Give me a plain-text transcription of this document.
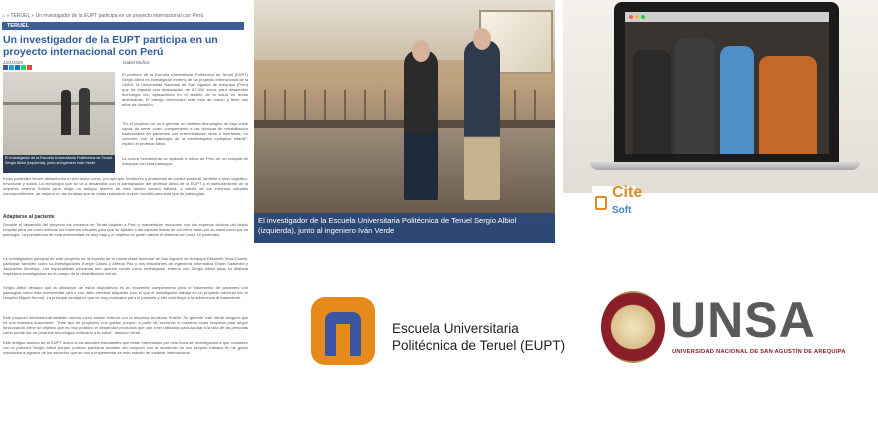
⌂ » TERUEL » Un investigador de la EUPT participa en un proyecto internacional con Perú
TERUEL
Un investigador de la EUPT participa en un proyecto internacional con Perú
22/1/2020	Isabel Muñoz
El investigador de la Escuela Universitaria Politécnica de Teruel Sergio Albiol (izquierda), junto al ingeniero Iván Verde
El profesor de la Escuela Universitaria Politécnica de Teruel (EUPT) Sergio Albiol es investigador externo de un proyecto internacional de la UNSA, la Universidad Nacional de San Agustín de Arequipa (Perú) que ha logrado una financiación de 67.000 euros para desarrollar tecnología con aplicaciones en el ámbito de la salud en áreas americanas. El trabajo comenzará este mes de marzo y tiene dos años de duración.
"En el proyecto se va a generar un sistema tecnológico de bajo coste capaz de servir como complemento a las técnicas de rehabilitación tradicionales en pacientes con enfermedades raras o huérfanas, en concreto, con la patología de la encefalopatía epiléptica infantil", explicó el profesor Albiol.
La nueva herramienta se aplicará a niños de Perú de un hospital de Arequipa con esta patología.
Estos pacientes tienen alteraciones a nivel motor como, por ejemplo, temblores y problemas de control postural, también a nivel cognitivo, emocional y social. La tecnología que se va a desarrollar con la participación del profesor Albiol de la EUPT y el asesoramiento de la empresa externa Sotelin (que dirige un antiguo alumno de este mismo centro) trataría, a través de los entornos virtuales correspondientes, de mejorar en las terapias que se están realizando a nivel mundial para este tipo de patologías.
Adaptarse al paciente
Durante el desarrollo del proyecto los expertos de Teruel viajarán a Perú y mantendrán reuniones con los expertos clínicos del citado hospital para ver cómo enfocar los entornos virtuales para que se ajusten a las características de los niños tanto por su edad como por su patología. La prevalencia de esta enfermedad es muy baja y el objetivo es poder validar el sistema con unos 15 pacientes.
La investigadora principal de este proyecto es la experta de la Universidad Nacional de San Agustín de Arequipa Elizabeth Vidal Duarte; participan también como co-investigadores Evelyn Castro y Alfredo Paz y dos estudiantes de ingeniería informática Edwin Saavedra y Jacqueline Montoya. Los especialistas peruanos han querido contar como investigador externo con Sergio Albiol dada su dilatada trayectoria investigadora en el campo de la rehabilitación virtual.
Sergio Albiol destacó que la utilización de estos dispositivos es un excelente complemento para el tratamiento de pacientes con patologías como esta enfermedad rara o con daño cerebral adquirido (con el que el investigador trabaja en un proyecto nacional con el Hospital Miguel Servet). La principal ventaja es que es muy motivador para el paciente y ello contribuye a la adherencia al tratamiento.
Este proyecto internacional también cuenta como asesor externo con la empresa turolense Sotelin. Su gerente Iván Verde aseguró que es una iniciativa ilusionante. "Este tipo de proyectos nos gustan porque, a parte de servirnos a nosotros como empresa para seguir funcionando, tiene un objetivo que es muy positivo: el desarrollar productos que van a ser utilizados para ayudar a la vida de las personas como puede ser un producto tecnológico enfocado a la salud", destacó Verde.
Este antiguo alumno de la EUPT animó a los actuales estudiantes que están interesados por esta línea de investigación a que contacten con el profesor Sergio Albiol porque podrían participar también del proyecto con el desarrollo de sus propios trabajos fin de grado vinculados a algunos de los aspectos que se van a implementar en este estudio de carácter internacional.
El investigador de la Escuela Universitaria Politécnica de Teruel Sergio Albiol (izquierda), junto al ingeniero Iván Verde
Cite
Soft
Escuela Universitaria
Politécnica de Teruel (EUPT) UNSA
UNIVERSIDAD NACIONAL DE SAN AGUSTÍN DE AREQUIPA
